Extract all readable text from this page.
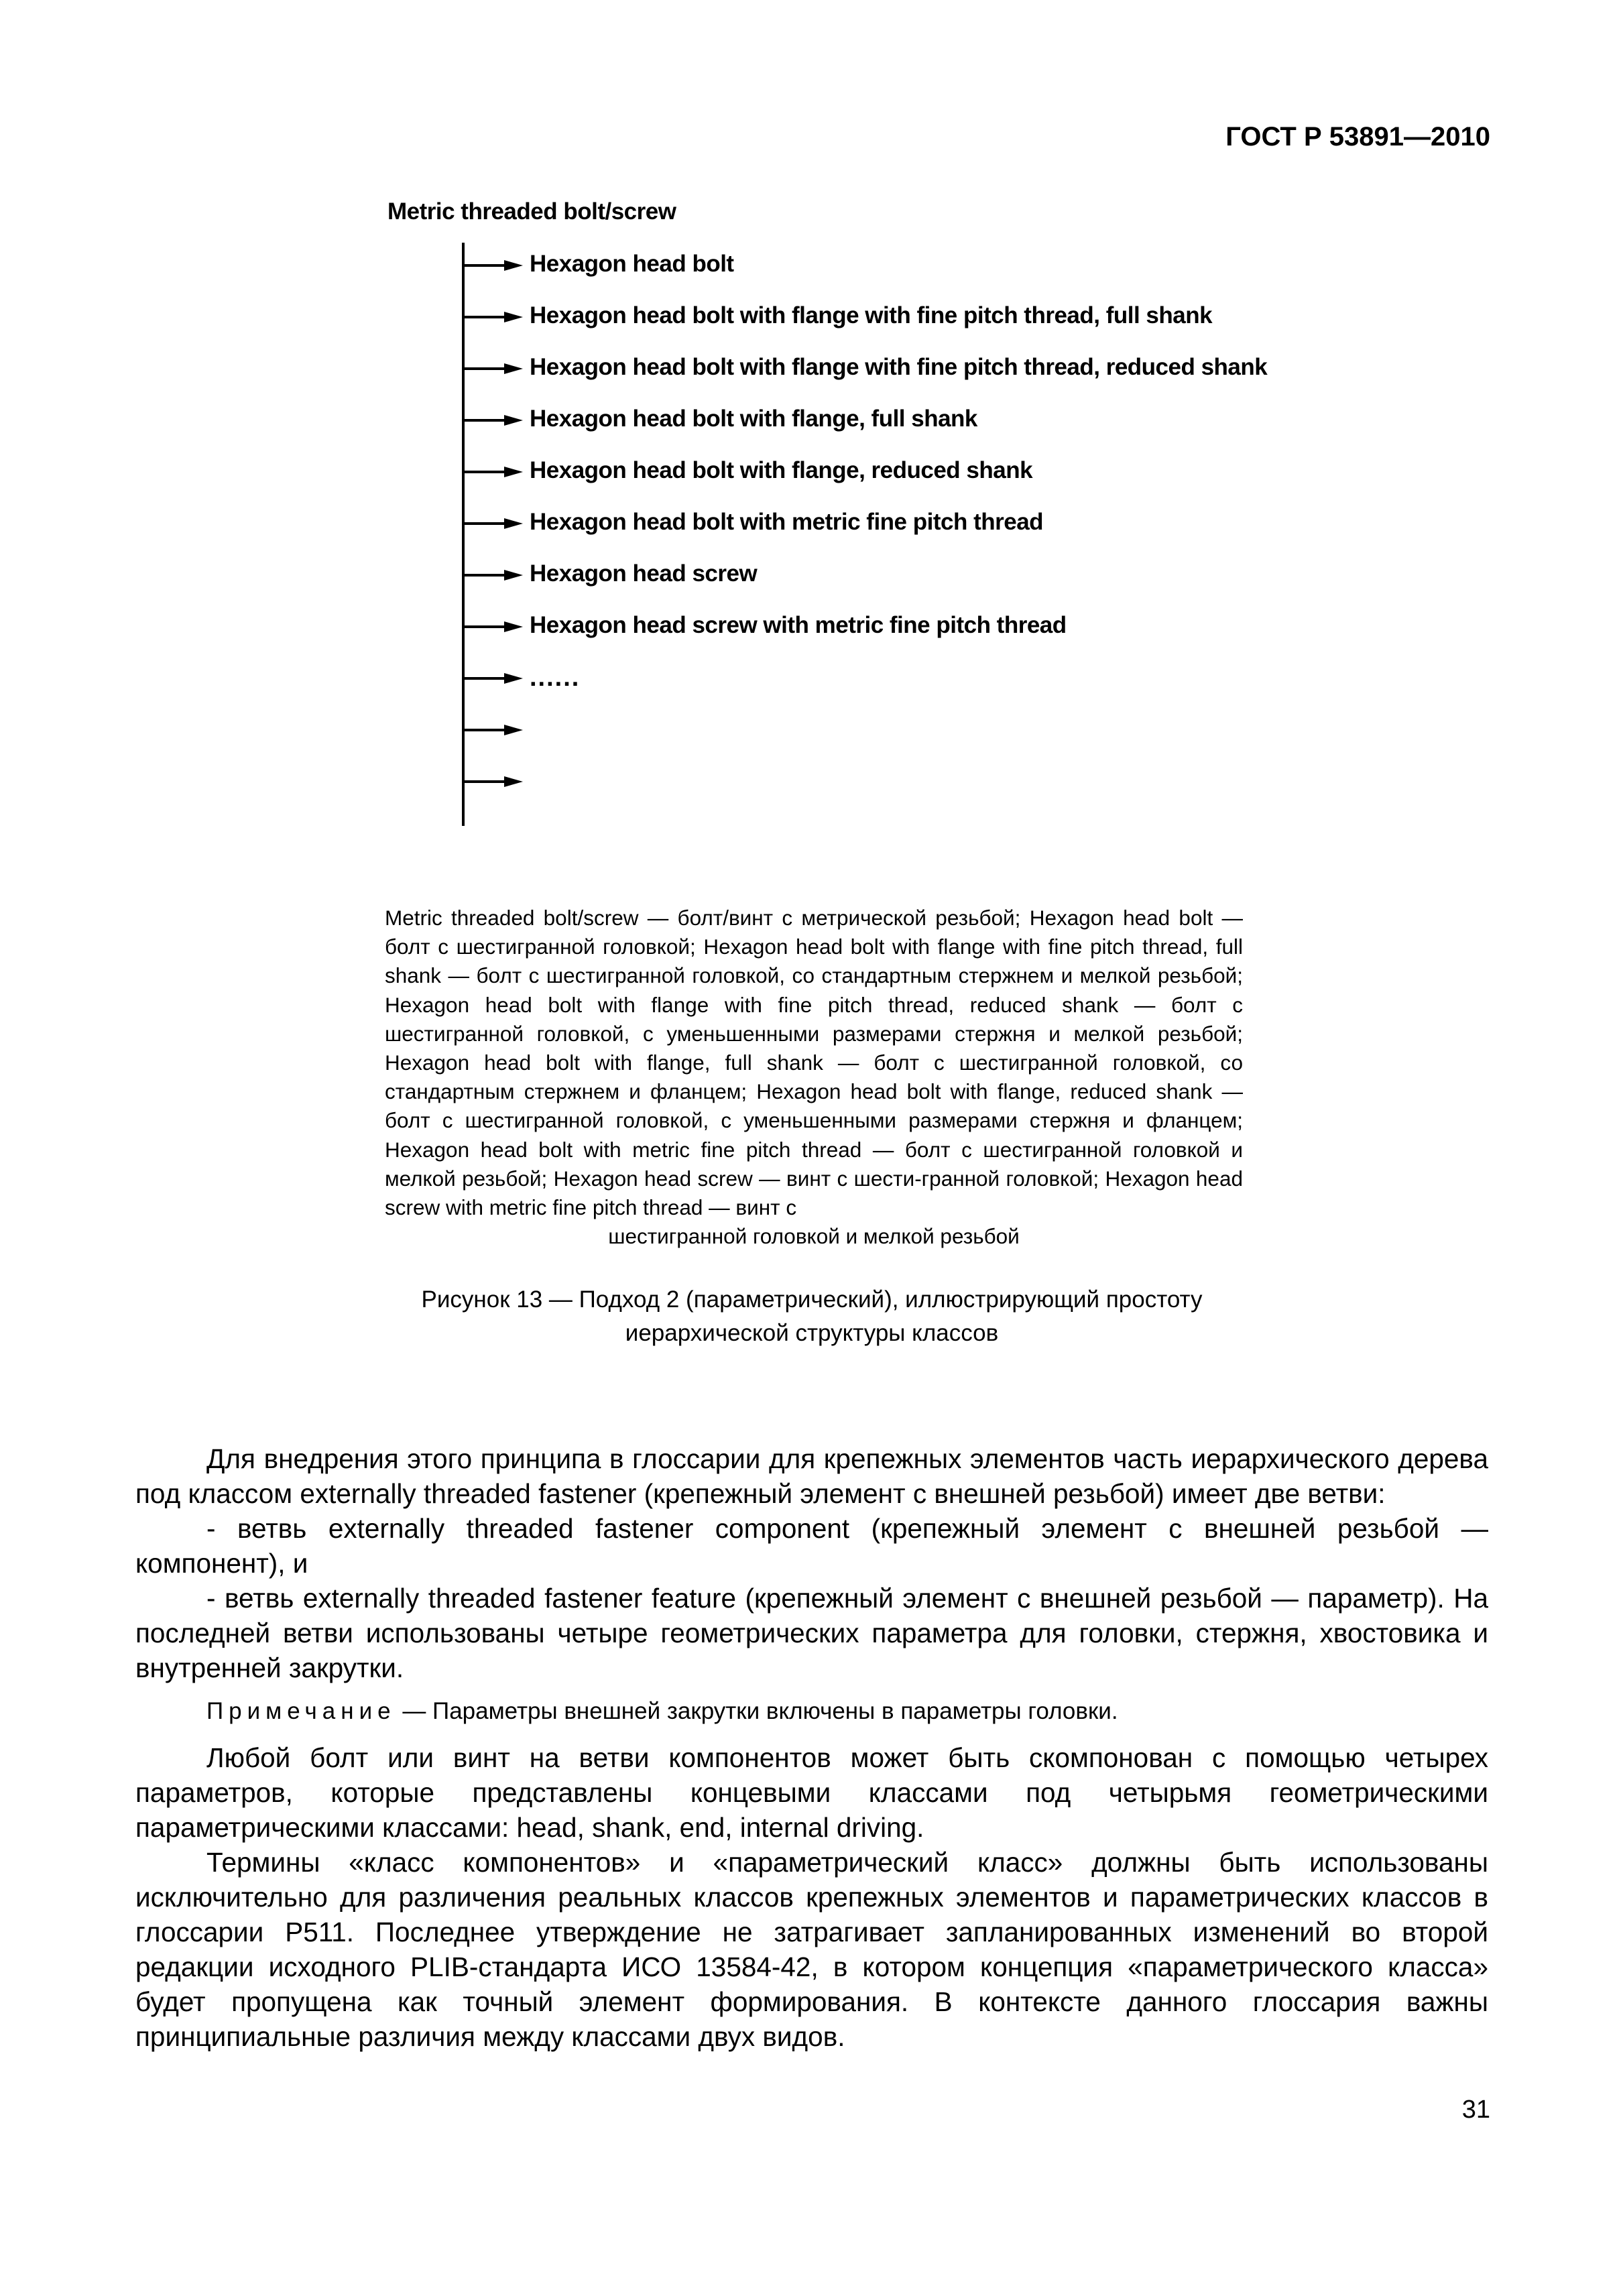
ГОСТ Р 53891—2010
Metric threaded bolt/screw
Hexagon head bolt
Hexagon head bolt with flange with fine pitch thread, full shank
Hexagon head bolt with flange with fine pitch thread, reduced shank
Hexagon head bolt with flange, full shank
Hexagon head bolt with flange, reduced shank
Hexagon head bolt with metric fine pitch thread
Hexagon head screw
Hexagon head screw with metric fine pitch thread
......
Metric threaded bolt/screw — болт/винт с метрической резьбой; Hexagon head bolt — болт с шестигранной головкой; Hexagon head bolt with flange with fine pitch thread, full shank — болт с шестигранной головкой, со стандартным стержнем и мелкой резьбой; Hexagon head bolt with flange with fine pitch thread, reduced shank — болт с шестигранной головкой, с уменьшенными размерами стержня и мелкой резьбой; Hexagon head bolt with flange, full shank — болт с шестигранной головкой, со стандартным стержнем и фланцем; Hexagon head bolt with flange, reduced shank — болт с шестигранной головкой, с уменьшенными размерами стержня и фланцем; Hexagon head bolt with metric fine pitch thread — болт с шестигранной головкой и мелкой резьбой; Hexagon head screw — винт с шести-гранной головкой; Hexagon head screw with metric fine pitch thread — винт с
шестигранной головкой и мелкой резьбой
Рисунок 13 — Подход 2 (параметрический), иллюстрирующий простоту
иерархической структуры классов

Для внедрения этого принципа в глоссарии для крепежных элементов часть иерархического дерева под классом externally threaded fastener (крепежный элемент с внешней резьбой) имеет две ветви:

- ветвь externally threaded fastener component (крепежный элемент с внешней резьбой — компонент), и

- ветвь externally threaded fastener feature (крепежный элемент с внешней резьбой — параметр). На последней ветви использованы четыре геометрических параметра для головки, стержня, хвостовика и внутренней закрутки.

Примечание — Параметры внешней закрутки включены в параметры головки.

Любой болт или винт на ветви компонентов может быть скомпонован с помощью четырех параметров, которые представлены концевыми классами под четырьмя геометрическими параметрическими классами: head, shank, end, internal driving.

Термины «класс компонентов» и «параметрический класс» должны быть использованы исключительно для различения реальных классов крепежных элементов и параметрических классов в глоссарии P511. Последнее утверждение не затрагивает запланированных изменений во второй редакции исходного PLIB-стандарта ИСО 13584-42, в котором концепция «параметрического класса» будет пропущена как точный элемент формирования. В контексте данного глоссария важны принципиальные различия между классами двух видов.

31
